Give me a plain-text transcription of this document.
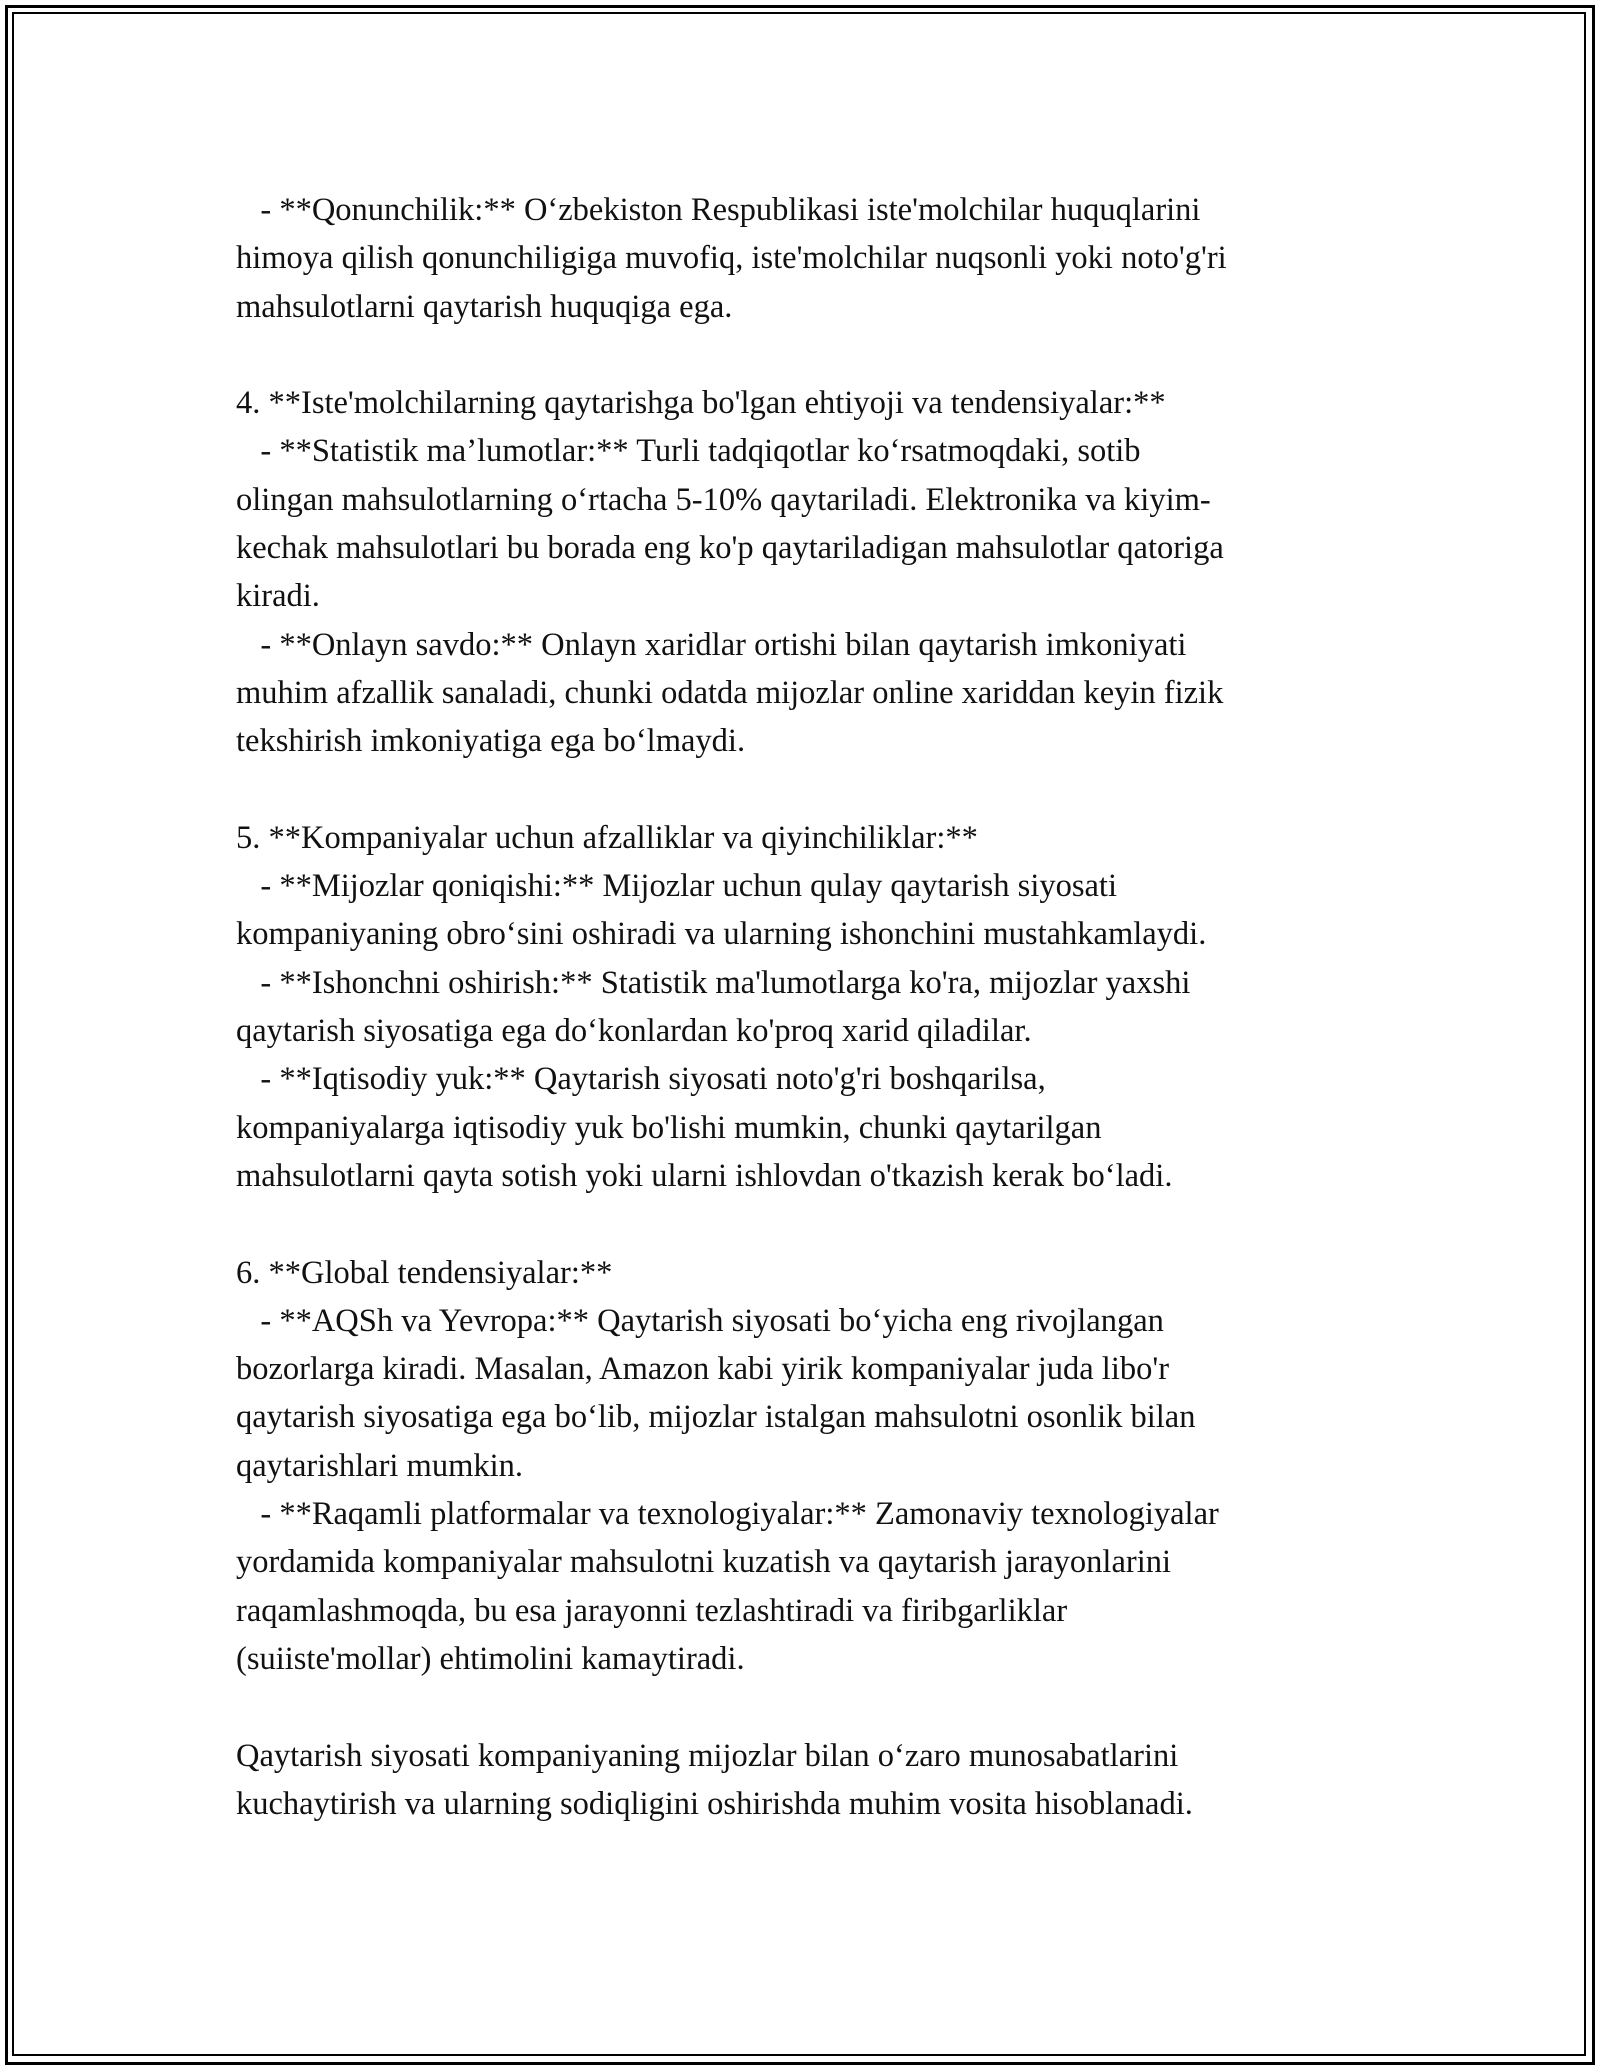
- **Qonunchilik:** O‘zbekiston Respublikasi iste'molchilar huquqlarini
himoya qilish qonunchiligiga muvofiq, iste'molchilar nuqsonli yoki noto'g'ri
mahsulotlarni qaytarish huquqiga ega.
4. **Iste'molchilarning qaytarishga bo'lgan ehtiyoji va tendensiyalar:**
- **Statistik ma’lumotlar:** Turli tadqiqotlar ko‘rsatmoqdaki, sotib
olingan mahsulotlarning o‘rtacha 5-10% qaytariladi. Elektronika va kiyim-
kechak mahsulotlari bu borada eng ko'p qaytariladigan mahsulotlar qatoriga
kiradi.
- **Onlayn savdo:** Onlayn xaridlar ortishi bilan qaytarish imkoniyati
muhim afzallik sanaladi, chunki odatda mijozlar online xariddan keyin fizik
tekshirish imkoniyatiga ega bo‘lmaydi.
5. **Kompaniyalar uchun afzalliklar va qiyinchiliklar:**
- **Mijozlar qoniqishi:** Mijozlar uchun qulay qaytarish siyosati
kompaniyaning obro‘sini oshiradi va ularning ishonchini mustahkamlaydi.
- **Ishonchni oshirish:** Statistik ma'lumotlarga ko'ra, mijozlar yaxshi
qaytarish siyosatiga ega do‘konlardan ko'proq xarid qiladilar.
- **Iqtisodiy yuk:** Qaytarish siyosati noto'g'ri boshqarilsa,
kompaniyalarga iqtisodiy yuk bo'lishi mumkin, chunki qaytarilgan
mahsulotlarni qayta sotish yoki ularni ishlovdan o'tkazish kerak bo‘ladi.
6. **Global tendensiyalar:**
- **AQSh va Yevropa:** Qaytarish siyosati bo‘yicha eng rivojlangan
bozorlarga kiradi. Masalan, Amazon kabi yirik kompaniyalar juda libo'r
qaytarish siyosatiga ega bo‘lib, mijozlar istalgan mahsulotni osonlik bilan
qaytarishlari mumkin.
- **Raqamli platformalar va texnologiyalar:** Zamonaviy texnologiyalar
yordamida kompaniyalar mahsulotni kuzatish va qaytarish jarayonlarini
raqamlashmoqda, bu esa jarayonni tezlashtiradi va firibgarliklar
(suiiste'mollar) ehtimolini kamaytiradi.
Qaytarish siyosati kompaniyaning mijozlar bilan o‘zaro munosabatlarini
kuchaytirish va ularning sodiqligini oshirishda muhim vosita hisoblanadi.
